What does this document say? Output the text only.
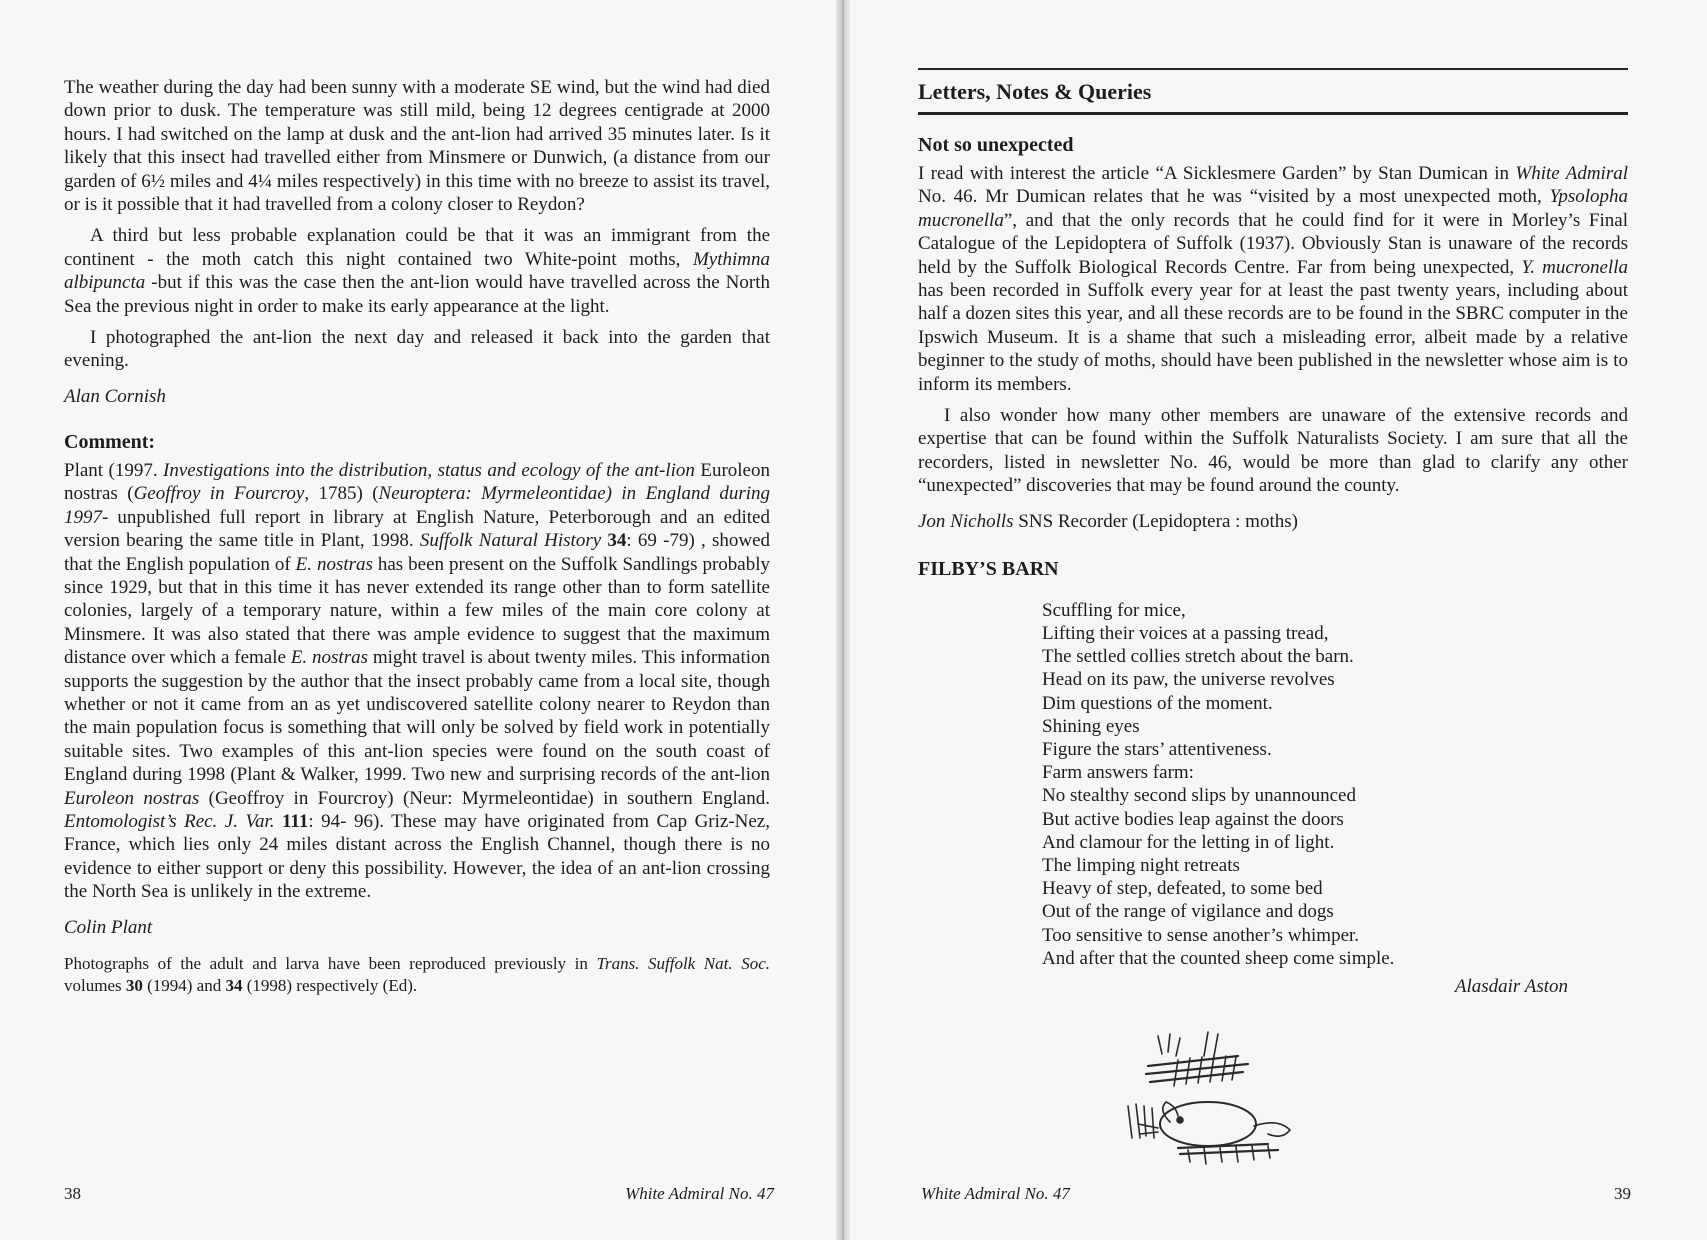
The weather during the day had been sunny with a moderate SE wind, but the wind had died down prior to dusk. The temperature was still mild, being 12 degrees centigrade at 2000 hours. I had switched on the lamp at dusk and the ant-lion had arrived 35 minutes later. Is it likely that this insect had travelled either from Minsmere or Dunwich, (a distance from our garden of 6½ miles and 4¼ miles respectively) in this time with no breeze to assist its travel, or is it possible that it had travelled from a colony closer to Reydon?

A third but less probable explanation could be that it was an immigrant from the continent - the moth catch this night contained two White-point moths, Mythimna albipuncta -but if this was the case then the ant-lion would have travelled across the North Sea the previous night in order to make its early appearance at the light.

I photographed the ant-lion the next day and released it back into the garden that evening.

Alan Cornish
Comment:

Plant (1997. Investigations into the distribution, status and ecology of the ant-lion Euroleon nostras (Geoffroy in Fourcroy, 1785) (Neuroptera: Myrmeleontidae) in England during 1997- unpublished full report in library at English Nature, Peterborough and an edited version bearing the same title in Plant, 1998. Suffolk Natural History 34: 69 -79) , showed that the English population of E. nostras has been present on the Suffolk Sandlings probably since 1929, but that in this time it has never extended its range other than to form satellite colonies, largely of a temporary nature, within a few miles of the main core colony at Minsmere. It was also stated that there was ample evidence to suggest that the maximum distance over which a female E. nostras might travel is about twenty miles. This information supports the suggestion by the author that the insect probably came from a local site, though whether or not it came from an as yet undiscovered satellite colony nearer to Reydon than the main population focus is something that will only be solved by field work in potentially suitable sites. Two examples of this ant-lion species were found on the south coast of England during 1998 (Plant & Walker, 1999. Two new and surprising records of the ant-lion Euroleon nostras (Geoffroy in Fourcroy) (Neur: Myrmeleontidae) in southern England. Entomologist’s Rec. J. Var. 111: 94- 96). These may have originated from Cap Griz-Nez, France, which lies only 24 miles distant across the English Channel, though there is no evidence to either support or deny this possibility. However, the idea of an ant-lion crossing the North Sea is unlikely in the extreme.

Colin Plant

Photographs of the adult and larva have been reproduced previously in Trans. Suffolk Nat. Soc. volumes 30 (1994) and 34 (1998) respectively (Ed).

38	White Admiral No. 47
Letters, Notes & Queries
Not so unexpected

I read with interest the article “A Sicklesmere Garden” by Stan Dumican in White Admiral No. 46. Mr Dumican relates that he was “visited by a most unexpected moth, Ypsolopha mucronella”, and that the only records that he could find for it were in Morley’s Final Catalogue of the Lepidoptera of Suffolk (1937). Obviously Stan is unaware of the records held by the Suffolk Biological Records Centre. Far from being unexpected, Y. mucronella has been recorded in Suffolk every year for at least the past twenty years, including about half a dozen sites this year, and all these records are to be found in the SBRC computer in the Ipswich Museum. It is a shame that such a misleading error, albeit made by a relative beginner to the study of moths, should have been published in the newsletter whose aim is to inform its members.

I also wonder how many other members are unaware of the extensive records and expertise that can be found within the Suffolk Naturalists Society. I am sure that all the recorders, listed in newsletter No. 46, would be more than glad to clarify any other “unexpected” discoveries that may be found around the county.

Jon Nicholls SNS Recorder (Lepidoptera : moths)
FILBY’S BARN
Scuffling for mice,
Lifting their voices at a passing tread,
The settled collies stretch about the barn.
Head on its paw, the universe revolves
Dim questions of the moment.
Shining eyes
Figure the stars’ attentiveness.
Farm answers farm:
No stealthy second slips by unannounced
But active bodies leap against the doors
And clamour for the letting in of light.
The limping night retreats
Heavy of step, defeated, to some bed
Out of the range of vigilance and dogs
Too sensitive to sense another’s whimper.
And after that the counted sheep come simple.
Alasdair Aston
White Admiral No. 47	39
